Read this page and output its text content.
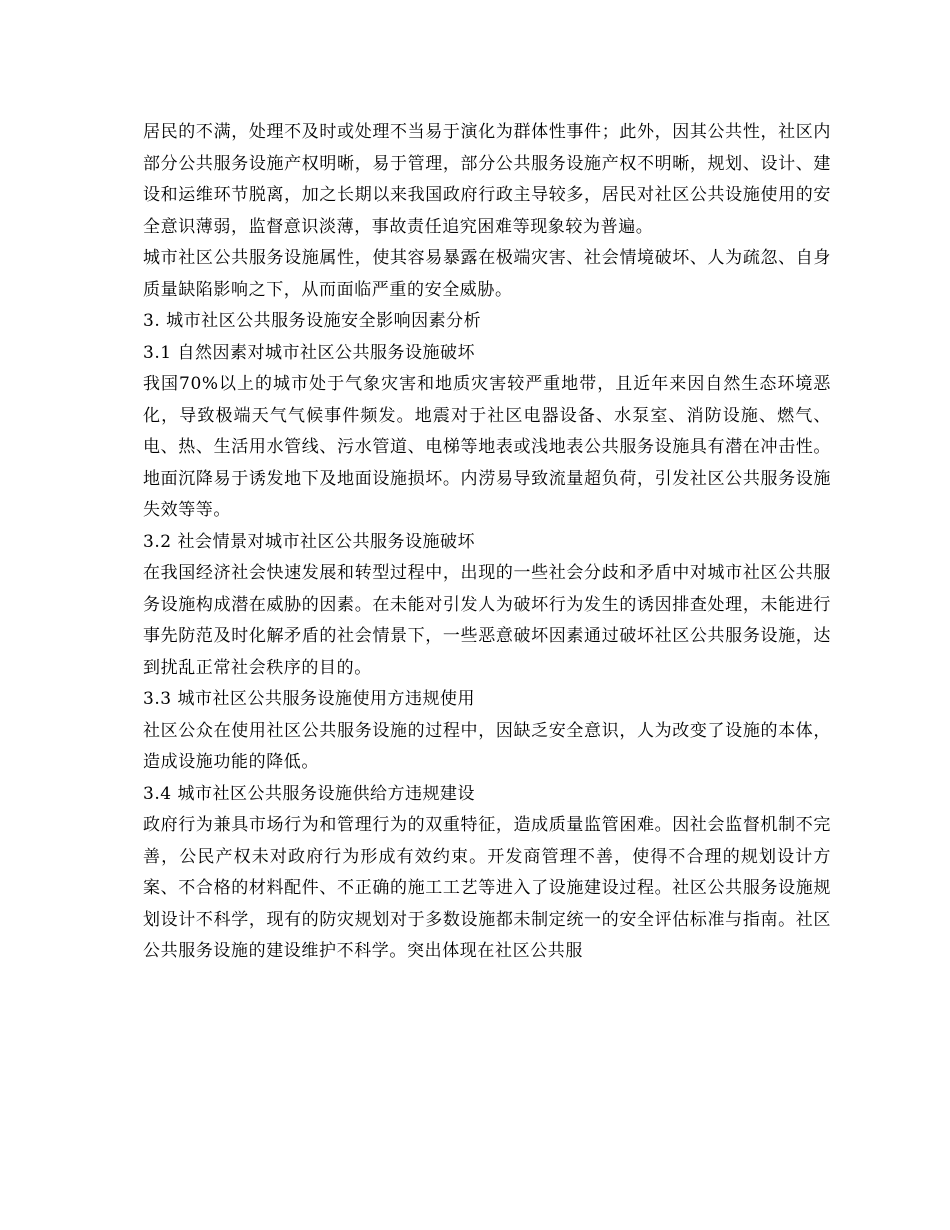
居民的不满，处理不及时或处理不当易于演化为群体性事件；此外，因其公共性，社区内部分公共服务设施产权明晰，易于管理，部分公共服务设施产权不明晰，规划、设计、建设和运维环节脱离，加之长期以来我国政府行政主导较多，居民对社区公共设施使用的安全意识薄弱，监督意识淡薄，事故责任追究困难等现象较为普遍。

城市社区公共服务设施属性，使其容易暴露在极端灾害、社会情境破坏、人为疏忽、自身质量缺陷影响之下，从而面临严重的安全威胁。

3. 城市社区公共服务设施安全影响因素分析

3.1 自然因素对城市社区公共服务设施破坏

我国70%以上的城市处于气象灾害和地质灾害较严重地带，且近年来因自然生态环境恶化，导致极端天气气候事件频发。地震对于社区电器设备、水泵室、消防设施、燃气、电、热、生活用水管线、污水管道、电梯等地表或浅地表公共服务设施具有潜在冲击性。地面沉降易于诱发地下及地面设施损坏。内涝易导致流量超负荷，引发社区公共服务设施失效等等。

3.2 社会情景对城市社区公共服务设施破坏

在我国经济社会快速发展和转型过程中，出现的一些社会分歧和矛盾中对城市社区公共服务设施构成潜在威胁的因素。在未能对引发人为破坏行为发生的诱因排查处理，未能进行事先防范及时化解矛盾的社会情景下，一些恶意破坏因素通过破坏社区公共服务设施，达到扰乱正常社会秩序的目的。

3.3 城市社区公共服务设施使用方违规使用

社区公众在使用社区公共服务设施的过程中，因缺乏安全意识，人为改变了设施的本体，造成设施功能的降低。

3.4 城市社区公共服务设施供给方违规建设

政府行为兼具市场行为和管理行为的双重特征，造成质量监管困难。因社会监督机制不完善，公民产权未对政府行为形成有效约束。开发商管理不善，使得不合理的规划设计方案、不合格的材料配件、不正确的施工工艺等进入了设施建设过程。社区公共服务设施规划设计不科学，现有的防灾规划对于多数设施都未制定统一的安全评估标准与指南。社区公共服务设施的建设维护不科学。突出体现在社区公共服
